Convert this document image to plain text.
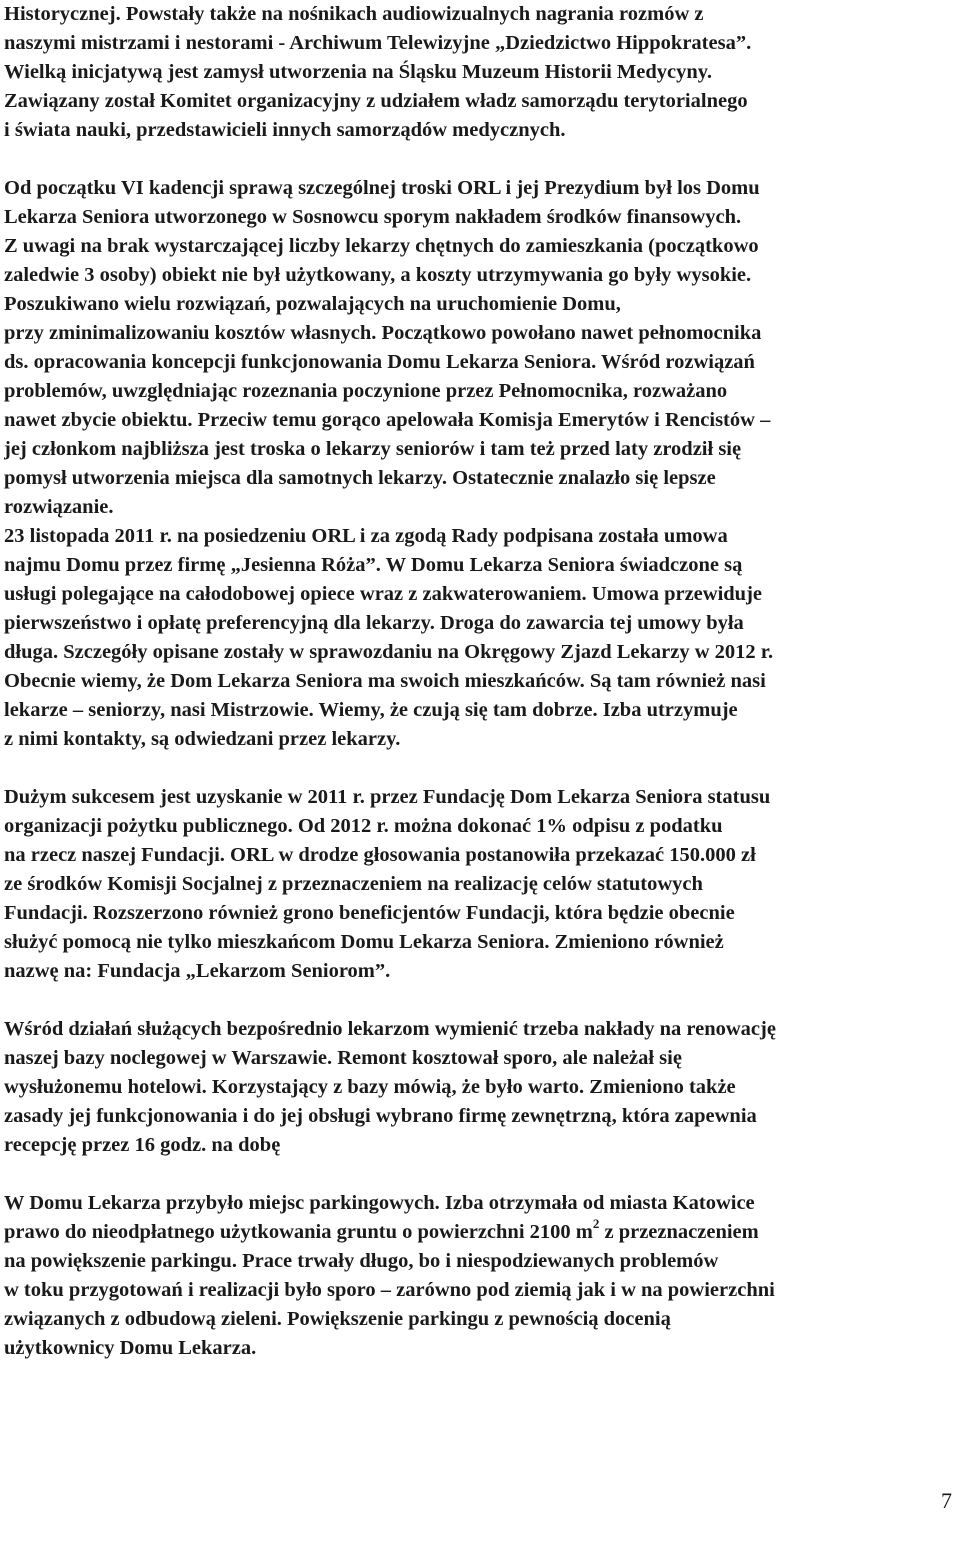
Historycznej. Powstały także na nośnikach audiowizualnych nagrania rozmów z
naszymi mistrzami i nestorami - Archiwum Telewizyjne „Dziedzictwo Hippokratesa”.
Wielką inicjatywą jest zamysł utworzenia na Śląsku Muzeum Historii Medycyny.
Zawiązany został Komitet organizacyjny z udziałem władz samorządu terytorialnego
i świata nauki, przedstawicieli innych samorządów medycznych.
Od początku VI kadencji sprawą szczególnej troski ORL i jej Prezydium był los Domu
Lekarza Seniora utworzonego w Sosnowcu sporym nakładem środków finansowych.
Z uwagi na brak wystarczającej liczby lekarzy chętnych do zamieszkania (początkowo
zaledwie 3 osoby) obiekt nie był użytkowany, a koszty utrzymywania go były wysokie.
Poszukiwano wielu rozwiązań, pozwalających na uruchomienie Domu,
przy zminimalizowaniu kosztów własnych. Początkowo powołano nawet pełnomocnika
ds. opracowania koncepcji funkcjonowania Domu Lekarza Seniora. Wśród rozwiązań
problemów, uwzględniając rozeznania poczynione przez Pełnomocnika, rozważano
nawet zbycie obiektu. Przeciw temu gorąco apelowała Komisja Emerytów i Rencistów –
jej członkom najbliższa jest troska o lekarzy seniorów i tam też przed laty zrodził się
pomysł utworzenia miejsca dla samotnych lekarzy. Ostatecznie znalazło się lepsze
rozwiązanie.
23 listopada 2011 r. na posiedzeniu ORL i za zgodą Rady podpisana została umowa
najmu Domu przez firmę „Jesienna Róża”. W Domu Lekarza Seniora świadczone są
usługi polegające na całodobowej opiece wraz z zakwaterowaniem. Umowa przewiduje
pierwszeństwo i opłatę preferencyjną dla lekarzy. Droga do zawarcia tej umowy była
długa. Szczegóły opisane zostały w sprawozdaniu na Okręgowy Zjazd Lekarzy w 2012 r.
Obecnie wiemy, że Dom Lekarza Seniora ma swoich mieszkańców. Są tam również nasi
lekarze – seniorzy, nasi Mistrzowie. Wiemy, że czują się tam dobrze. Izba utrzymuje
z nimi kontakty, są odwiedzani przez lekarzy.
Dużym sukcesem jest uzyskanie w 2011 r. przez Fundację Dom Lekarza Seniora statusu
organizacji pożytku publicznego. Od 2012 r. można dokonać 1% odpisu z podatku
na rzecz naszej Fundacji. ORL w drodze głosowania postanowiła przekazać 150.000 zł
ze środków Komisji Socjalnej z przeznaczeniem na realizację celów statutowych
Fundacji. Rozszerzono również grono beneficjentów Fundacji, która będzie obecnie
służyć pomocą nie tylko mieszkańcom Domu Lekarza Seniora. Zmieniono również
nazwę na: Fundacja „Lekarzom Seniorom”.
Wśród działań służących bezpośrednio lekarzom wymienić trzeba nakłady na renowację
naszej bazy noclegowej w Warszawie. Remont kosztował sporo, ale należał się
wysłużonemu hotelowi. Korzystający z bazy mówią, że było warto. Zmieniono także
zasady jej funkcjonowania i do jej obsługi wybrano firmę zewnętrzną, która zapewnia
recepcję przez 16 godz. na dobę
W Domu Lekarza przybyło miejsc parkingowych. Izba otrzymała od miasta Katowice
prawo do nieodpłatnego użytkowania gruntu o powierzchni 2100 $m^2$ z przeznaczeniem
na powiększenie parkingu. Prace trwały długo, bo i niespodziewanych problemów
w toku przygotowań i realizacji było sporo – zarówno pod ziemią jak i w na powierzchni
związanych z odbudową zieleni. Powiększenie parkingu z pewnością docenią
użytkownicy Domu Lekarza.
7
